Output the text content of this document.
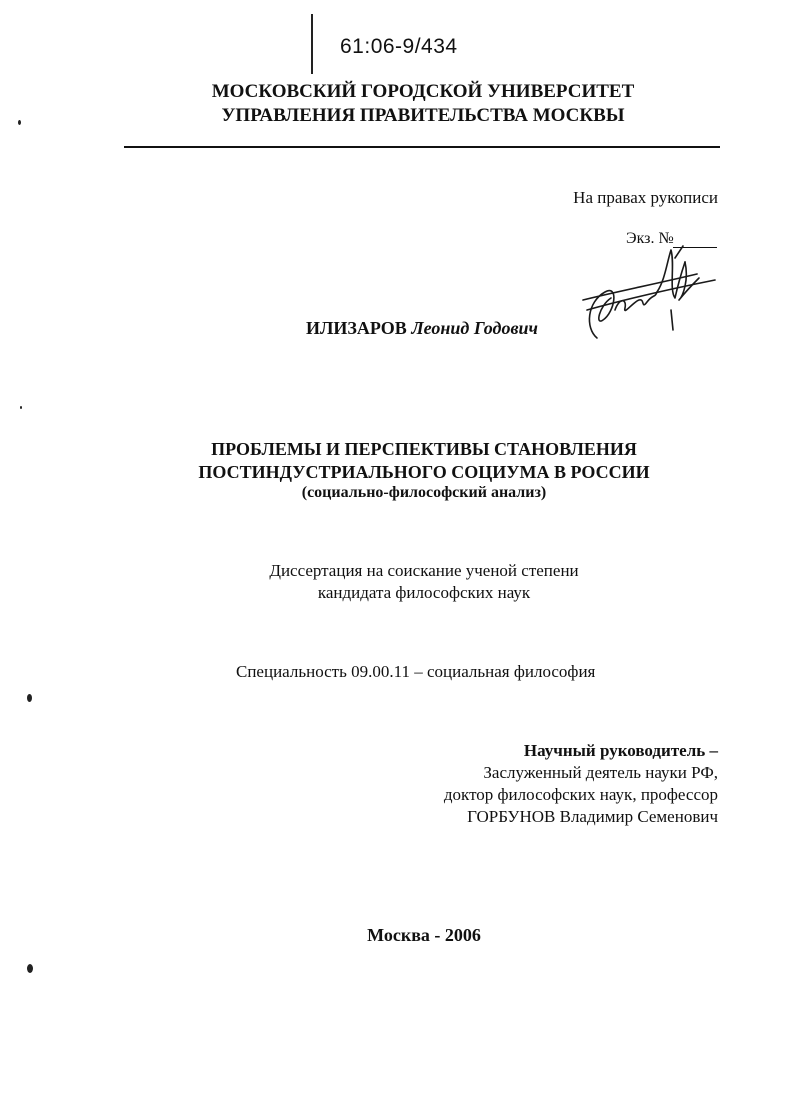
61:06-9/434
МОСКОВСКИЙ ГОРОДСКОЙ УНИВЕРСИТЕТ
УПРАВЛЕНИЯ ПРАВИТЕЛЬСТВА МОСКВЫ
На правах рукописи
Экз. №
ИЛИЗАРОВ Леонид Годович
ПРОБЛЕМЫ И ПЕРСПЕКТИВЫ СТАНОВЛЕНИЯ
ПОСТИНДУСТРИАЛЬНОГО СОЦИУМА В РОССИИ
(социально-философский анализ)
Диссертация на соискание ученой степени
кандидата философских наук
Специальность 09.00.11 – социальная философия
Научный руководитель –
Заслуженный деятель науки РФ,
доктор философских наук, профессор
ГОРБУНОВ Владимир Семенович
Москва - 2006
